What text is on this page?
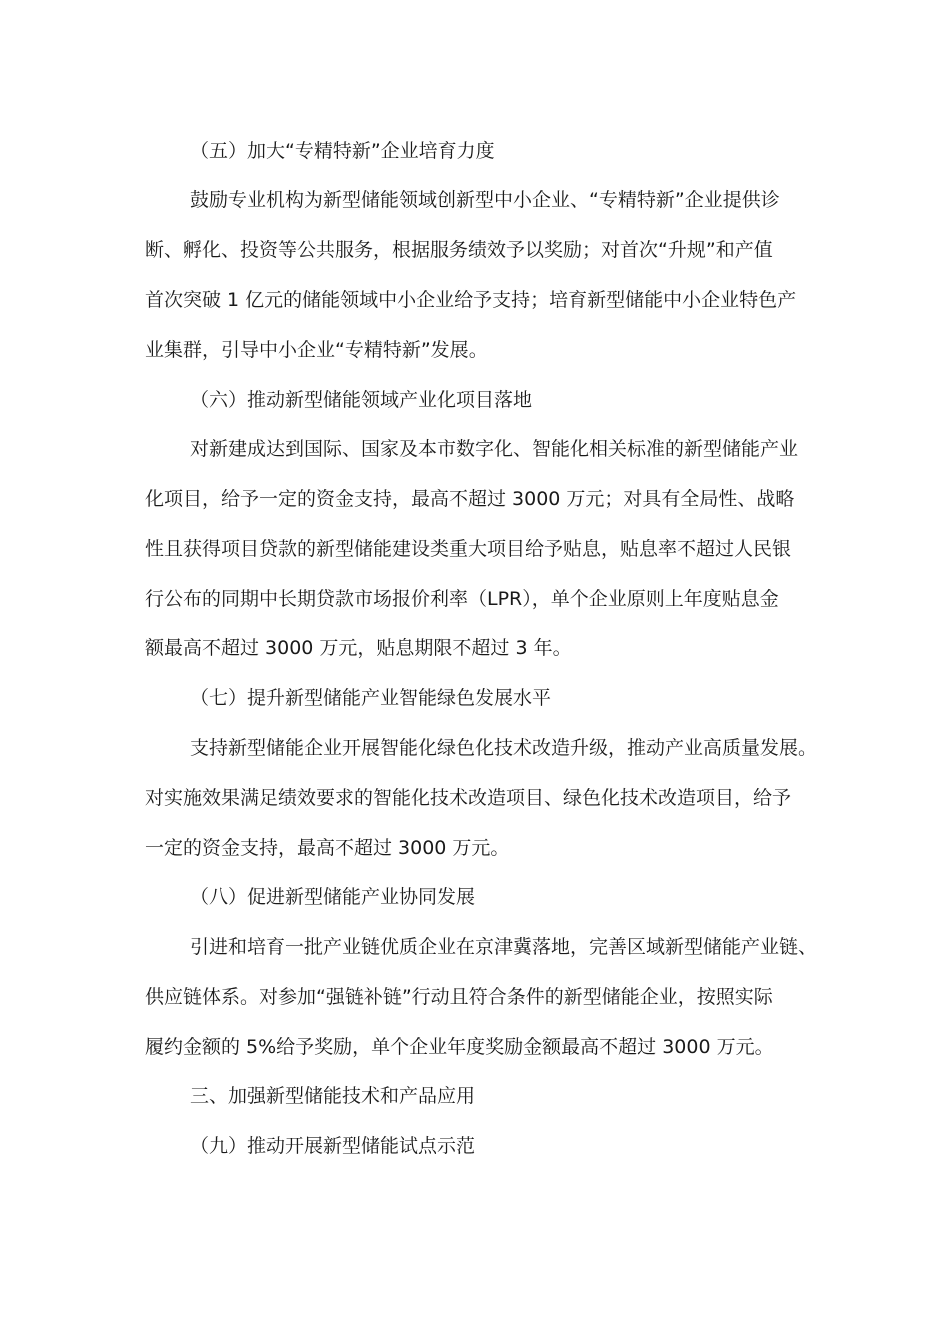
（五）加大“专精特新”企业培育力度
鼓励专业机构为新型储能领域创新型中小企业、“专精特新”企业提供诊
断、孵化、投资等公共服务，根据服务绩效予以奖励；对首次“升规”和产值
首次突破 1 亿元的储能领域中小企业给予支持；培育新型储能中小企业特色产
业集群，引导中小企业“专精特新”发展。
（六）推动新型储能领域产业化项目落地
对新建成达到国际、国家及本市数字化、智能化相关标准的新型储能产业
化项目，给予一定的资金支持，最高不超过 3000 万元；对具有全局性、战略
性且获得项目贷款的新型储能建设类重大项目给予贴息，贴息率不超过人民银
行公布的同期中长期贷款市场报价利率（LPR），单个企业原则上年度贴息金
额最高不超过 3000 万元，贴息期限不超过 3 年。
（七）提升新型储能产业智能绿色发展水平
支持新型储能企业开展智能化绿色化技术改造升级，推动产业高质量发展。
对实施效果满足绩效要求的智能化技术改造项目、绿色化技术改造项目，给予
一定的资金支持，最高不超过 3000 万元。
（八）促进新型储能产业协同发展
引进和培育一批产业链优质企业在京津冀落地，完善区域新型储能产业链、
供应链体系。对参加“强链补链”行动且符合条件的新型储能企业，按照实际
履约金额的 5%给予奖励，单个企业年度奖励金额最高不超过 3000 万元。
三、加强新型储能技术和产品应用
（九）推动开展新型储能试点示范
